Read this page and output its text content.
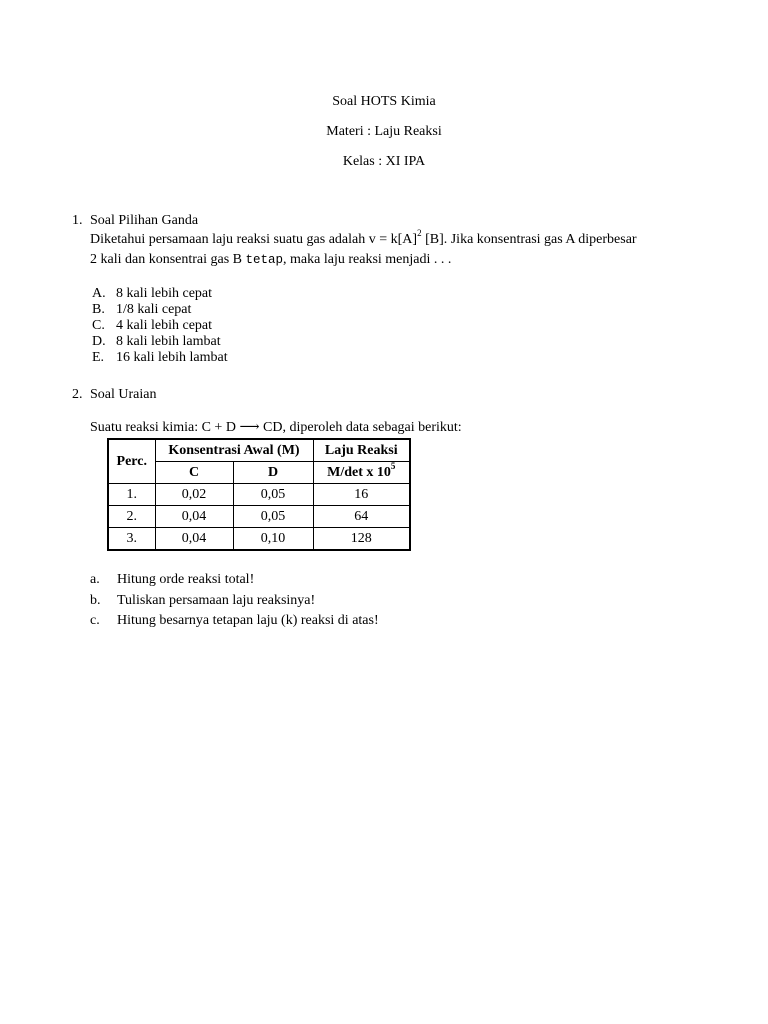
Soal HOTS Kimia
Materi : Laju Reaksi
Kelas : XI IPA
1. Soal Pilihan Ganda
Diketahui persamaan laju reaksi suatu gas adalah $v = k[A]^2$ [B]. Jika konsentrasi gas A diperbesar
2 kali dan konsentrai gas B tetap, maka laju reaksi menjadi . . .
A. 8 kali lebih cepat
B. 1/8 kali cepat
C. 4 kali lebih cepat
D. 8 kali lebih lambat
E. 16 kali lebih lambat
2. Soal Uraian
Suatu reaksi kimia: C + D ⟶ CD, diperoleh data sebagai berikut:
Perc.	Konsentrasi Awal (M)		Laju Reaksi
	C	D	M/det x $10^5$
1.	0,02	0,05	16
2.	0,04	0,05	64
3.	0,04	0,10	128
a. Hitung orde reaksi total!
b. Tuliskan persamaan laju reaksinya!
c. Hitung besarnya tetapan laju (k) reaksi di atas!
